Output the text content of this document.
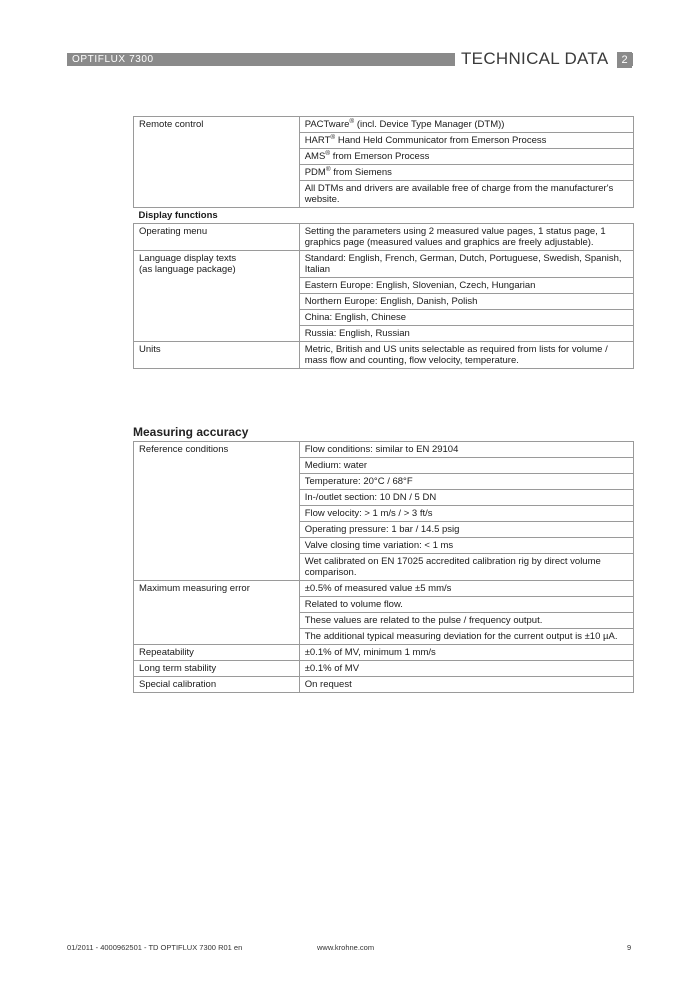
OPTIFLUX 7300	TECHNICAL DATA	2
Remote control	PACTware® (incl. Device Type Manager (DTM))
	HART® Hand Held Communicator from Emerson Process
	AMS® from Emerson Process
	PDM® from Siemens
	All DTMs and drivers are available free of charge from the manufacturer's website.
Display functions	
Operating menu	Setting the parameters using 2 measured value pages, 1 status page, 1 graphics page (measured values and graphics are freely adjustable).
Language display texts
(as language package)	Standard: English, French, German, Dutch, Portuguese, Swedish, Spanish, Italian
	Eastern Europe: English, Slovenian, Czech, Hungarian
	Northern Europe: English, Danish, Polish
	China: English, Chinese
	Russia: English, Russian
Units	Metric, British and US units selectable as required from lists for volume / mass flow and counting, flow velocity, temperature.
Measuring accuracy
Reference conditions	Flow conditions: similar to EN 29104
	Medium: water
	Temperature: 20°C / 68°F
	In-/outlet section: 10 DN / 5 DN
	Flow velocity: > 1 m/s / > 3 ft/s
	Operating pressure: 1 bar / 14.5 psig
	Valve closing time variation: < 1 ms
	Wet calibrated on EN 17025 accredited calibration rig by direct volume comparison.
Maximum measuring error	±0.5% of measured value ±5 mm/s
	Related to volume flow.
	These values are related to the pulse / frequency output.
	The additional typical measuring deviation for the current output is ±10 µA.
Repeatability	±0.1% of MV, minimum 1 mm/s
Long term stability	±0.1% of MV
Special calibration	On request
01/2011 - 4000962501 - TD OPTIFLUX 7300 R01 en	www.krohne.com	9
